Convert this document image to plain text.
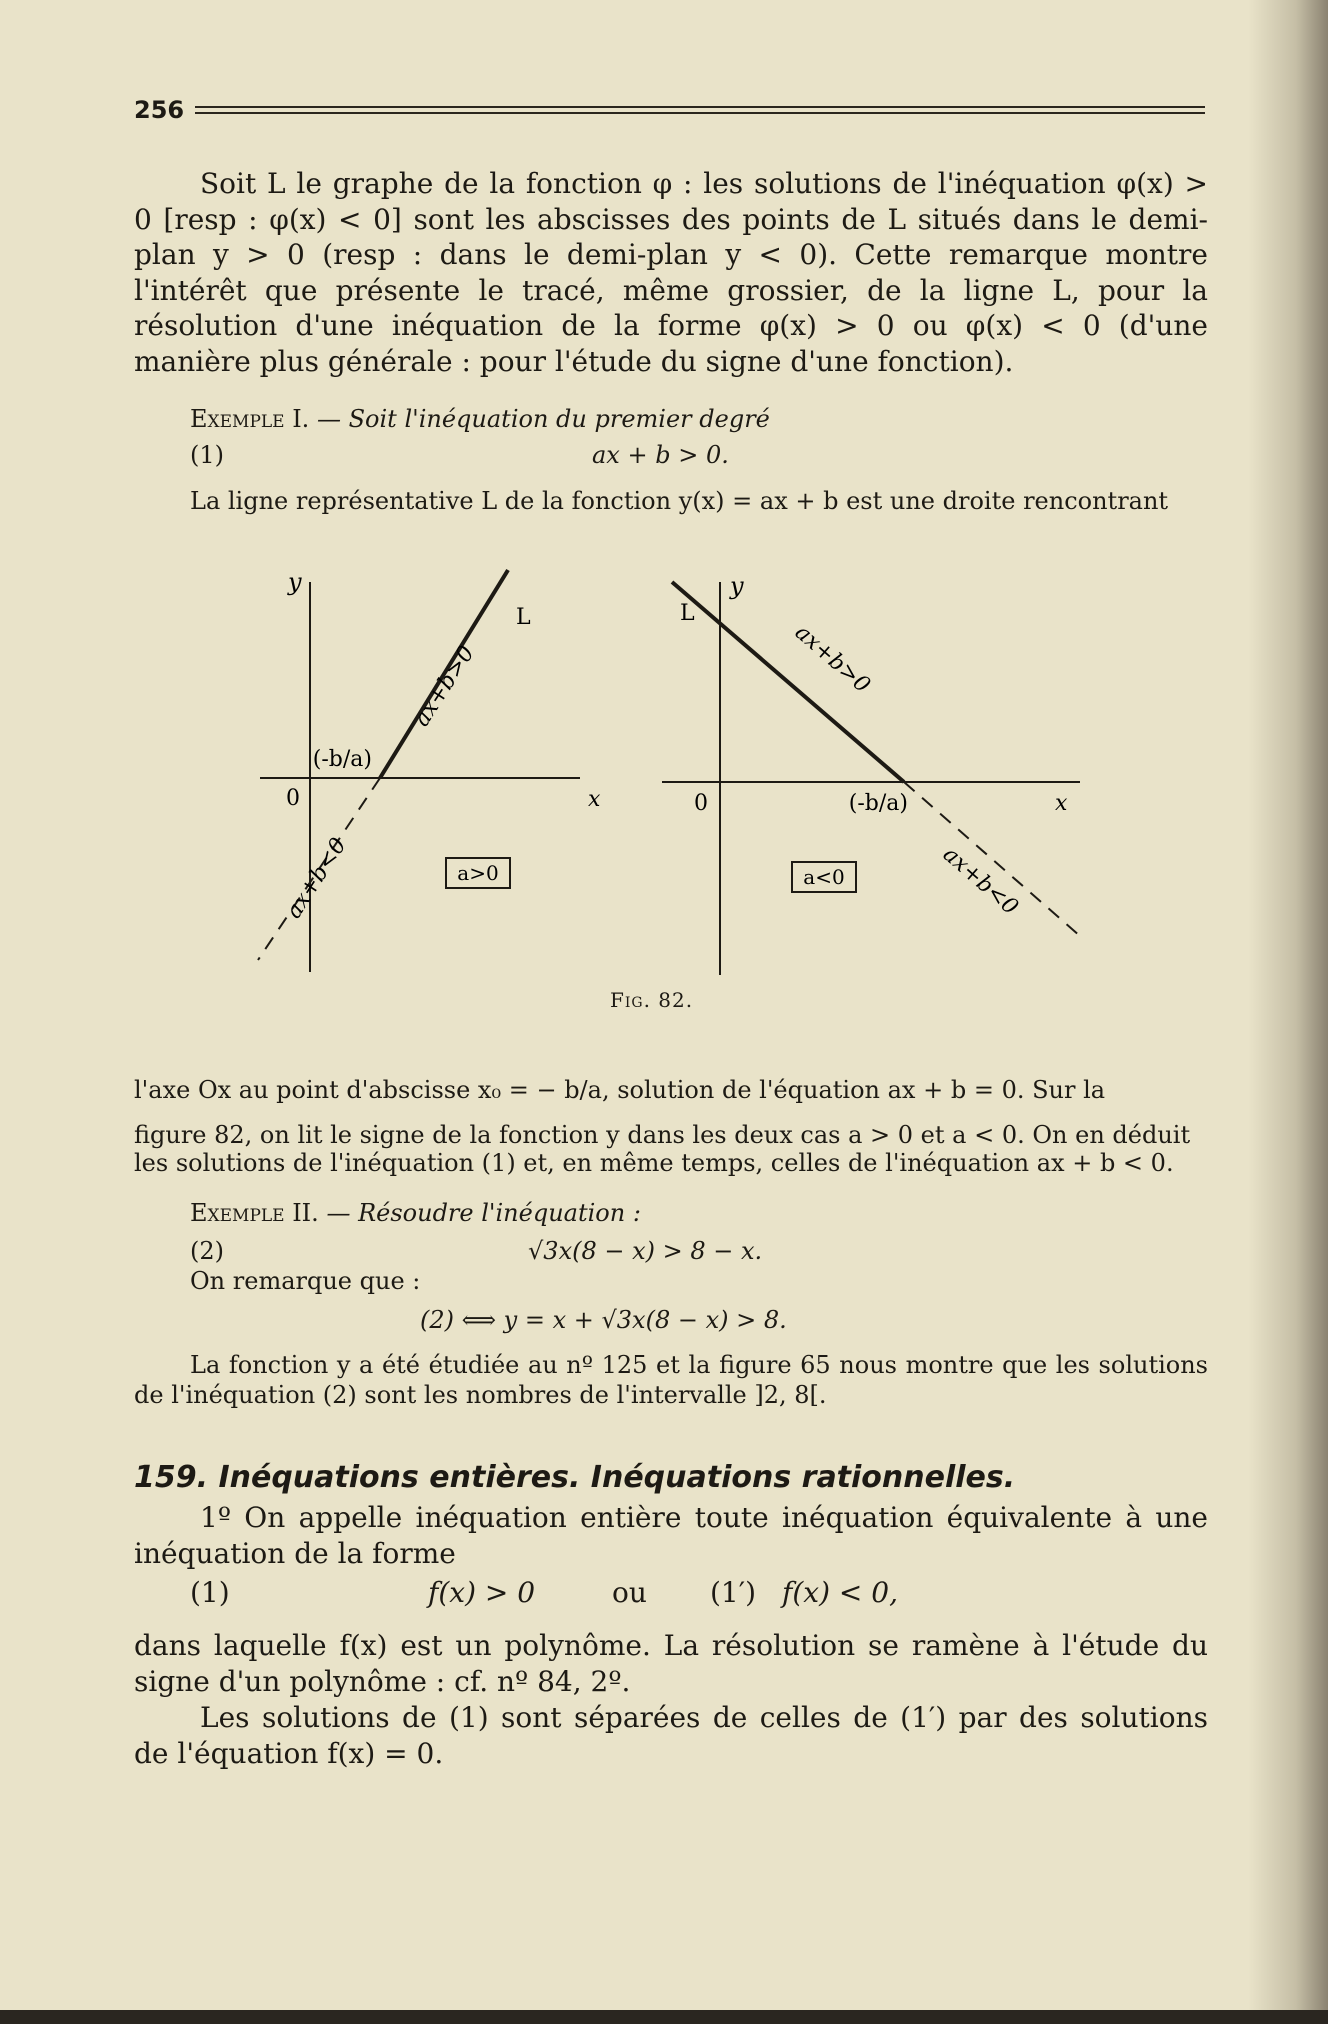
256
Soit L le graphe de la fonction φ : les solutions de l'inéquation φ(x) > 0 [resp : φ(x) < 0] sont les abscisses des points de L situés dans le demi-plan y > 0 (resp : dans le demi-plan y < 0). Cette remarque montre l'intérêt que présente le tracé, même grossier, de la ligne L, pour la résolution d'une inéquation de la forme φ(x) > 0 ou φ(x) < 0 (d'une manière plus générale : pour l'étude du signe d'une fonction).
Exemple I. — Soit l'inéquation du premier degré
(1)	ax + b > 0.
La ligne représentative L de la fonction y(x) = ax + b est une droite rencontrant
y
0	x
L
(-b/a)
ax+b>0
ax+b<0	a>0
y
0	x
L
(-b/a)
ax+b>0
ax+b<0
a<0
Fig. 82.
l'axe Ox au point d'abscisse x₀ = − b/a, solution de l'équation ax + b = 0. Sur la
figure 82, on lit le signe de la fonction y dans les deux cas a > 0 et a < 0. On en déduit
les solutions de l'inéquation (1) et, en même temps, celles de l'inéquation ax + b < 0.
Exemple II. — Résoudre l'inéquation :
(2)	√3x(8 − x) > 8 − x.
On remarque que :
(2) ⟺ y = x + √3x(8 − x) > 8.
La fonction y a été étudiée au nº 125 et la figure 65 nous montre que les solutions de l'inéquation (2) sont les nombres de l'intervalle ]2, 8[.
159. Inéquations entières. Inéquations rationnelles.
1º On appelle inéquation entière toute inéquation équivalente à une inéquation de la forme
(1)	f(x) > 0	ou (1′) f(x) < 0,
dans laquelle f(x) est un polynôme. La résolution se ramène à l'étude du signe d'un polynôme : cf. nº 84, 2º.
Les solutions de (1) sont séparées de celles de (1′) par des solutions de l'équation f(x) = 0.
